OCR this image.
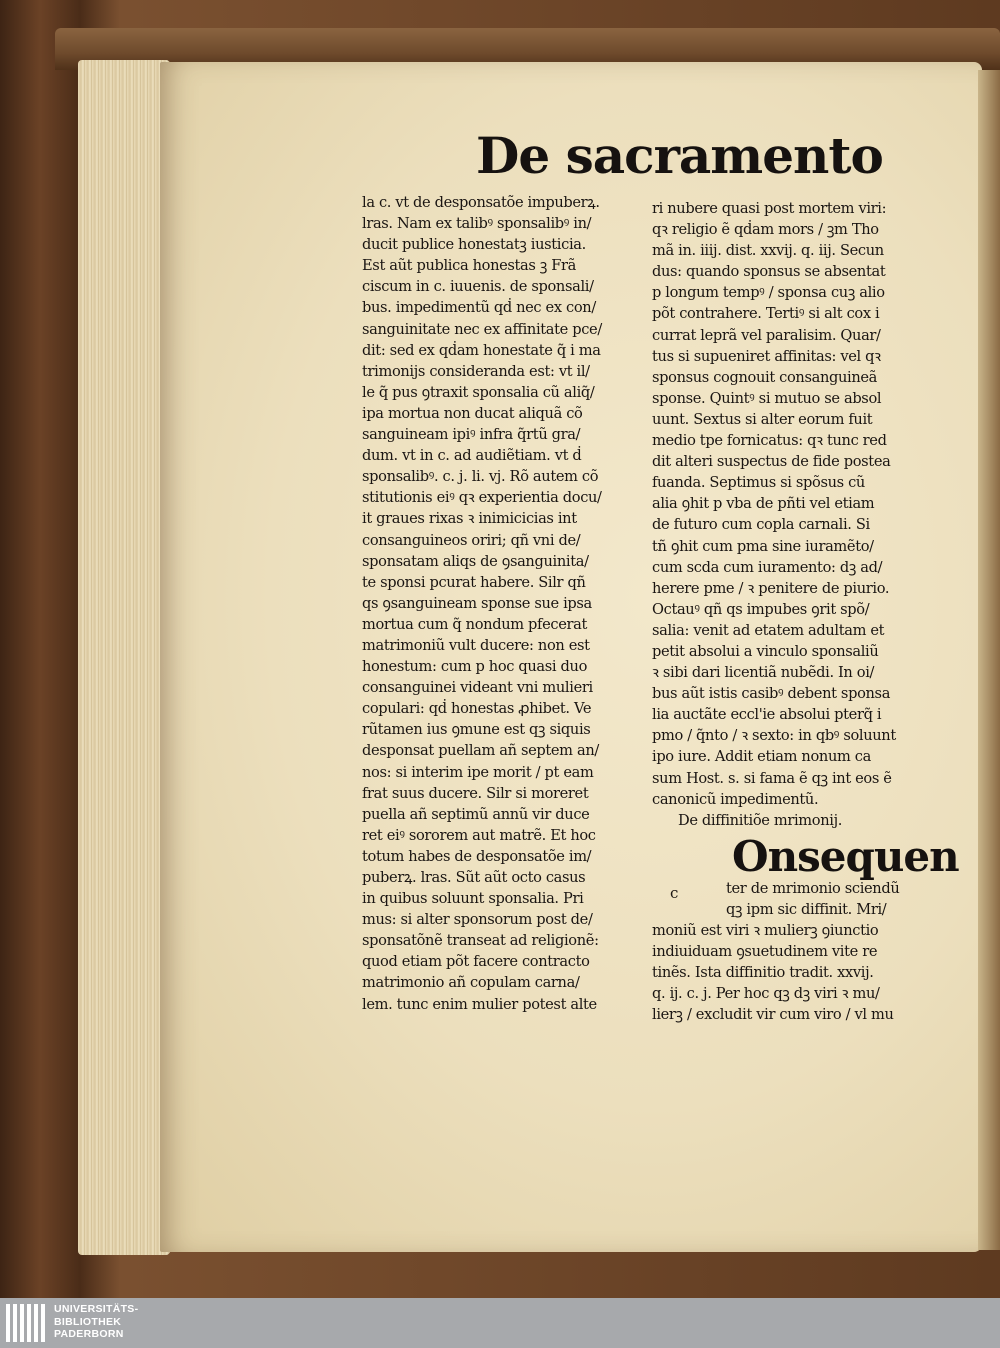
De sacramento
la c. vt de desponsatõe impuberꝝ.
lras. Nam ex talibꝰ sponsalibꝰ in/
ducit publice honestatꝫ iusticia.
Est aũt publica honestas ꝫ Frã
ciscum in c. iuuenis. de sponsali/
bus. impedimentũ qḋ nec ex con/
sanguinitate nec ex affinitate pce/
dit: sed ex qḋam honestate q̃ i ma
trimonijs consideranda est: vt il/
le q̃ pus ꝯtraxit sponsalia cũ aliq̃/
ipa mortua non ducat aliquã cõ
sanguineam ipiꝰ infra q̃rtũ gra/
dum. vt in c. ad audiẽtiam. vt ḋ
sponsalibꝰ. c. j. li. vj. Rõ autem cõ
stitutionis eiꝰ qꝛ experientia docu/
it graues rixas ꝛ inimicicias int
consanguineos oriri; qñ vni de/
sponsatam aliqs de ꝯsanguinita/
te sponsi pcurat habere. Silr qñ
qs ꝯsanguineam sponse sue ipsa
mortua cum q̃ nondum pfecerat
matrimoniũ vult ducere: non est
honestum: cum p hoc quasi duo
consanguinei videant vni mulieri
copulari: qḋ honestas ꝓhibet. Ve
rũtamen ius ꝯmune est qꝫ siquis
desponsat puellam añ septem an/
nos: si interim ipe morit / pt eam
frat suus ducere. Silr si moreret
puella añ septimũ annũ vir duce
ret eiꝰ sororem aut matrẽ. Et hoc
totum habes de desponsatõe im/
puberꝝ. lras. Sũt aũt octo casus
in quibus soluunt sponsalia. Pri
mus: si alter sponsorum post de/
sponsatõnẽ transeat ad religionẽ:
quod etiam põt facere contracto
matrimonio añ copulam carna/
lem. tunc enim mulier potest alte
ri nubere quasi post mortem viri:
qꝛ religio ẽ qḋam mors / ꝫm Tho
mã in. iiij. dist. xxvij. q. iij. Secun
dus: quando sponsus se absentat
p longum tempꝰ / sponsa cuꝫ alio
põt contrahere. Tertiꝰ si alt cox i
currat leprã vel paralisim. Quar/
tus si supueniret affinitas: vel qꝛ
sponsus cognouit consanguineã
sponse. Quintꝰ si mutuo se absol
uunt. Sextus si alter eorum fuit
medio tpe fornicatus: qꝛ tunc red
dit alteri suspectus de fide postea
fuanda. Septimus si spõsus cũ
alia ꝯhit p vba de pñti vel etiam
de futuro cum copla carnali. Si
tñ ꝯhit cum pma sine iuramẽto/
cum scda cum iuramento: dꝫ ad/
herere pme / ꝛ penitere de piurio.
Octauꝰ qñ qs impubes ꝯrit spõ/
salia: venit ad etatem adultam et
petit absolui a vinculo sponsaliũ
ꝛ sibi dari licentiã nubẽdi. In oi/
bus aũt istis casibꝰ debent sponsa
lia auctãte eccl'ie absolui pterq̃ i
pmo / q̃nto / ꝛ sexto: in qbꝰ soluunt
ipo iure. Addit etiam nonum ca
sum Host. s. si fama ẽ qꝫ int eos ẽ
canonicũ impedimentũ.
De diffinitiõe mrimonij.
Onsequen
c	ter de mrimonio sciendũ
qꝫ ipm sic diffinit. Mri/
moniũ est viri ꝛ mulierꝫ ꝯiunctio
indiuiduam ꝯsuetudinem vite re
tinẽs. Ista diffinitio tradit. xxvij.
q. ij. c. j. Per hoc qꝫ dꝫ viri ꝛ mu/
lierꝫ / excludit vir cum viro / vl mu
UNIVERSITÄTS-
BIBLIOTHEK
PADERBORN
